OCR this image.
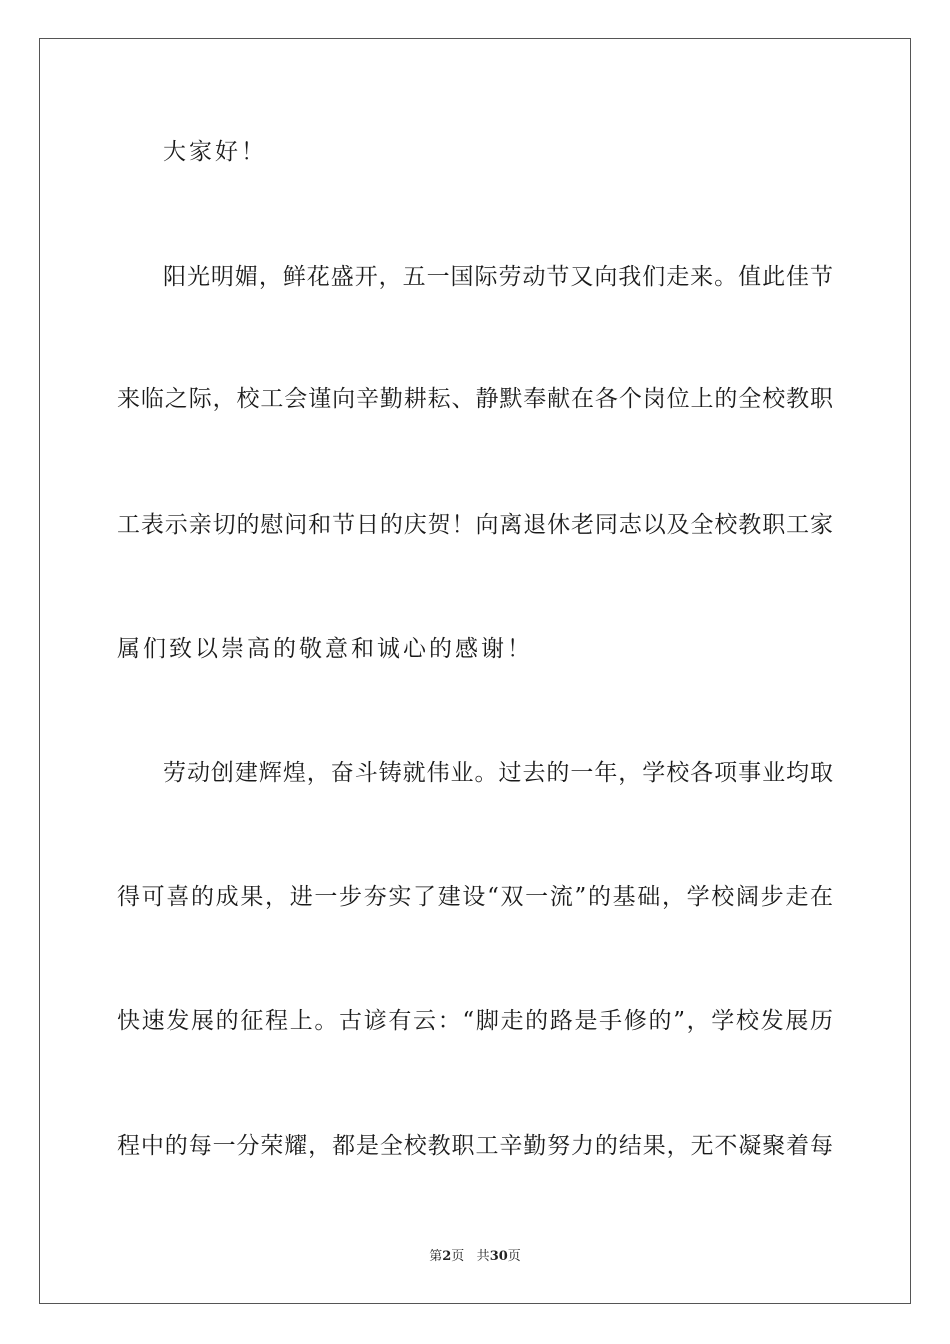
大家好！
阳光明媚，鲜花盛开，五一国际劳动节又向我们走来。值此佳节
来临之际，校工会谨向辛勤耕耘、静默奉献在各个岗位上的全校教职
工表示亲切的慰问和节日的庆贺！向离退休老同志以及全校教职工家
属们致以崇高的敬意和诚心的感谢！
劳动创建辉煌，奋斗铸就伟业。过去的一年，学校各项事业均取
得可喜的成果，进一步夯实了建设“双一流”的基础，学校阔步走在
快速发展的征程上。古谚有云：“脚走的路是手修的”，学校发展历
程中的每一分荣耀，都是全校教职工辛勤努力的结果，无不凝聚着每
第2页 共30页
